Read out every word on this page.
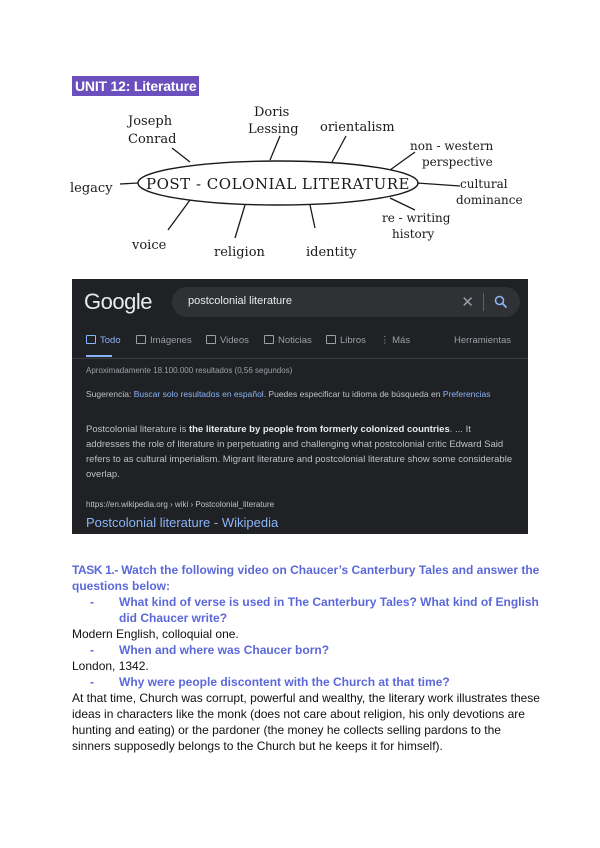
UNIT 12: Literature
POST - COLONIAL LITERATURE
Joseph
Conrad
Doris
Lessing orientalism
non - western
perspective
cultural
dominance
re - writing
history
identity
religion
voice
legacy
Google	postcolonial literature	✕
Todo	Imágenes	Videos	Noticias	Libros ⋮ Más	Herramientas
Aproximadamente 18.100.000 resultados (0,56 segundos)
Sugerencia: Buscar solo resultados en español. Puedes especificar tu idioma de búsqueda en Preferencias
Postcolonial literature is the literature by people from formerly colonized countries. ... It addresses the role of literature in perpetuating and challenging what postcolonial critic Edward Said refers to as cultural imperialism. Migrant literature and postcolonial literature show some considerable overlap.
https://en.wikipedia.org › wiki › Postcolonial_literature
Postcolonial literature - Wikipedia
TASK 1.- Watch the following video on Chaucer’s Canterbury Tales and answer the questions below:
- What kind of verse is used in The Canterbury Tales? What kind of English did Chaucer write?
Modern English, colloquial one.
- When and where was Chaucer born?
London, 1342.
- Why were people discontent with the Church at that time?
At that time, Church was corrupt, powerful and wealthy, the literary work illustrates these ideas in characters like the monk (does not care about religion, his only devotions are hunting and eating) or the pardoner (the money he collects selling pardons to the sinners supposedly belongs to the Church but he keeps it for himself).
